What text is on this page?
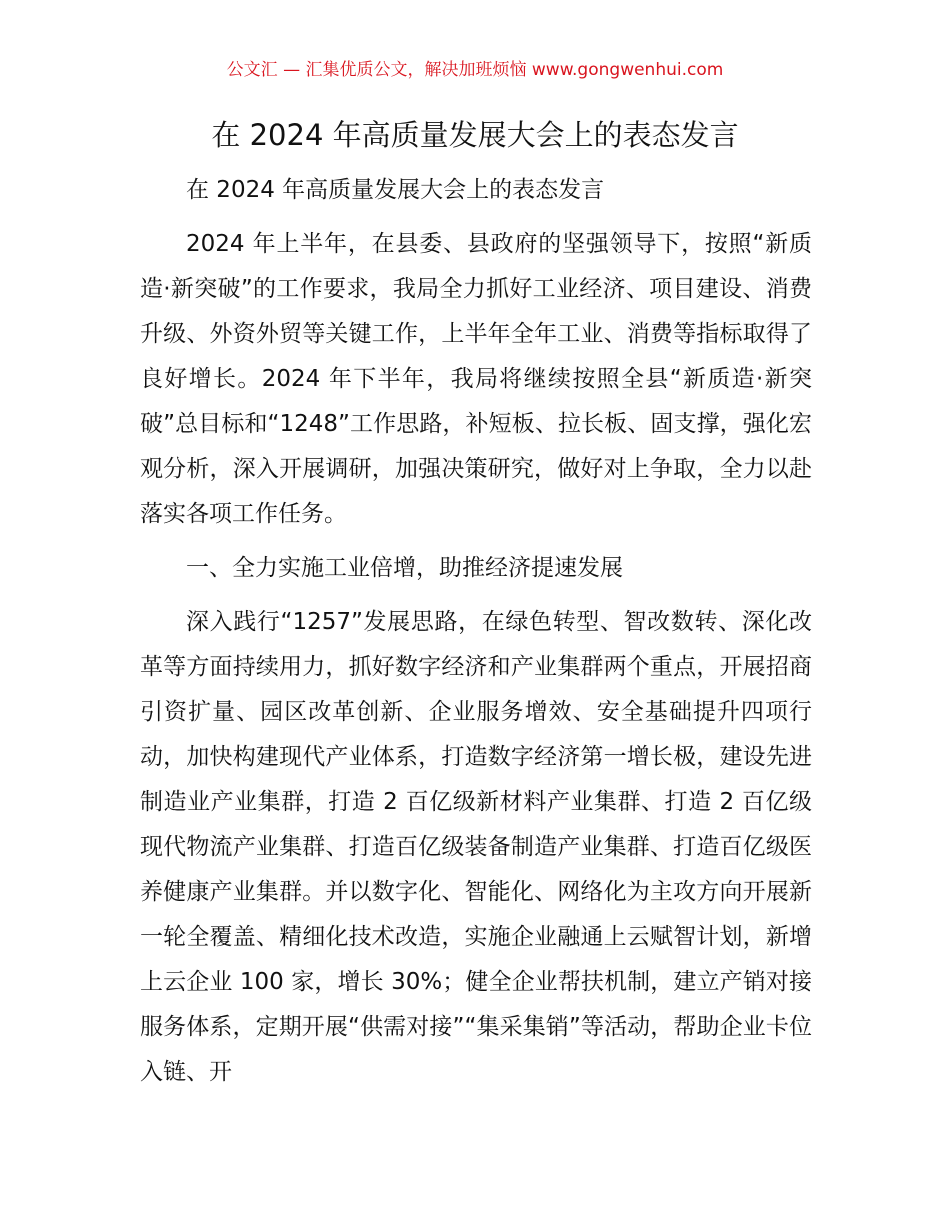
公文汇 — 汇集优质公文，解决加班烦恼 www.gongwenhui.com
在 2024 年高质量发展大会上的表态发言

在 2024 年高质量发展大会上的表态发言

2024 年上半年，在县委、县政府的坚强领导下，按照“新质造·新突破”的工作要求，我局全力抓好工业经济、项目建设、消费升级、外资外贸等关键工作，上半年全年工业、消费等指标取得了良好增长。2024 年下半年，我局将继续按照全县“新质造·新突破”总目标和“1248”工作思路，补短板、拉长板、固支撑，强化宏观分析，深入开展调研，加强决策研究，做好对上争取，全力以赴落实各项工作任务。

一、全力实施工业倍增，助推经济提速发展

深入践行“1257”发展思路，在绿色转型、智改数转、深化改革等方面持续用力，抓好数字经济和产业集群两个重点，开展招商引资扩量、园区改革创新、企业服务增效、安全基础提升四项行动，加快构建现代产业体系，打造数字经济第一增长极，建设先进制造业产业集群，打造 2 百亿级新材料产业集群、打造 2 百亿级现代物流产业集群、打造百亿级装备制造产业集群、打造百亿级医养健康产业集群。并以数字化、智能化、网络化为主攻方向开展新一轮全覆盖、精细化技术改造，实施企业融通上云赋智计划，新增上云企业 100 家，增长 30%；健全企业帮扶机制，建立产销对接服务体系，定期开展“供需对接”“集采集销”等活动，帮助企业卡位入链、开
